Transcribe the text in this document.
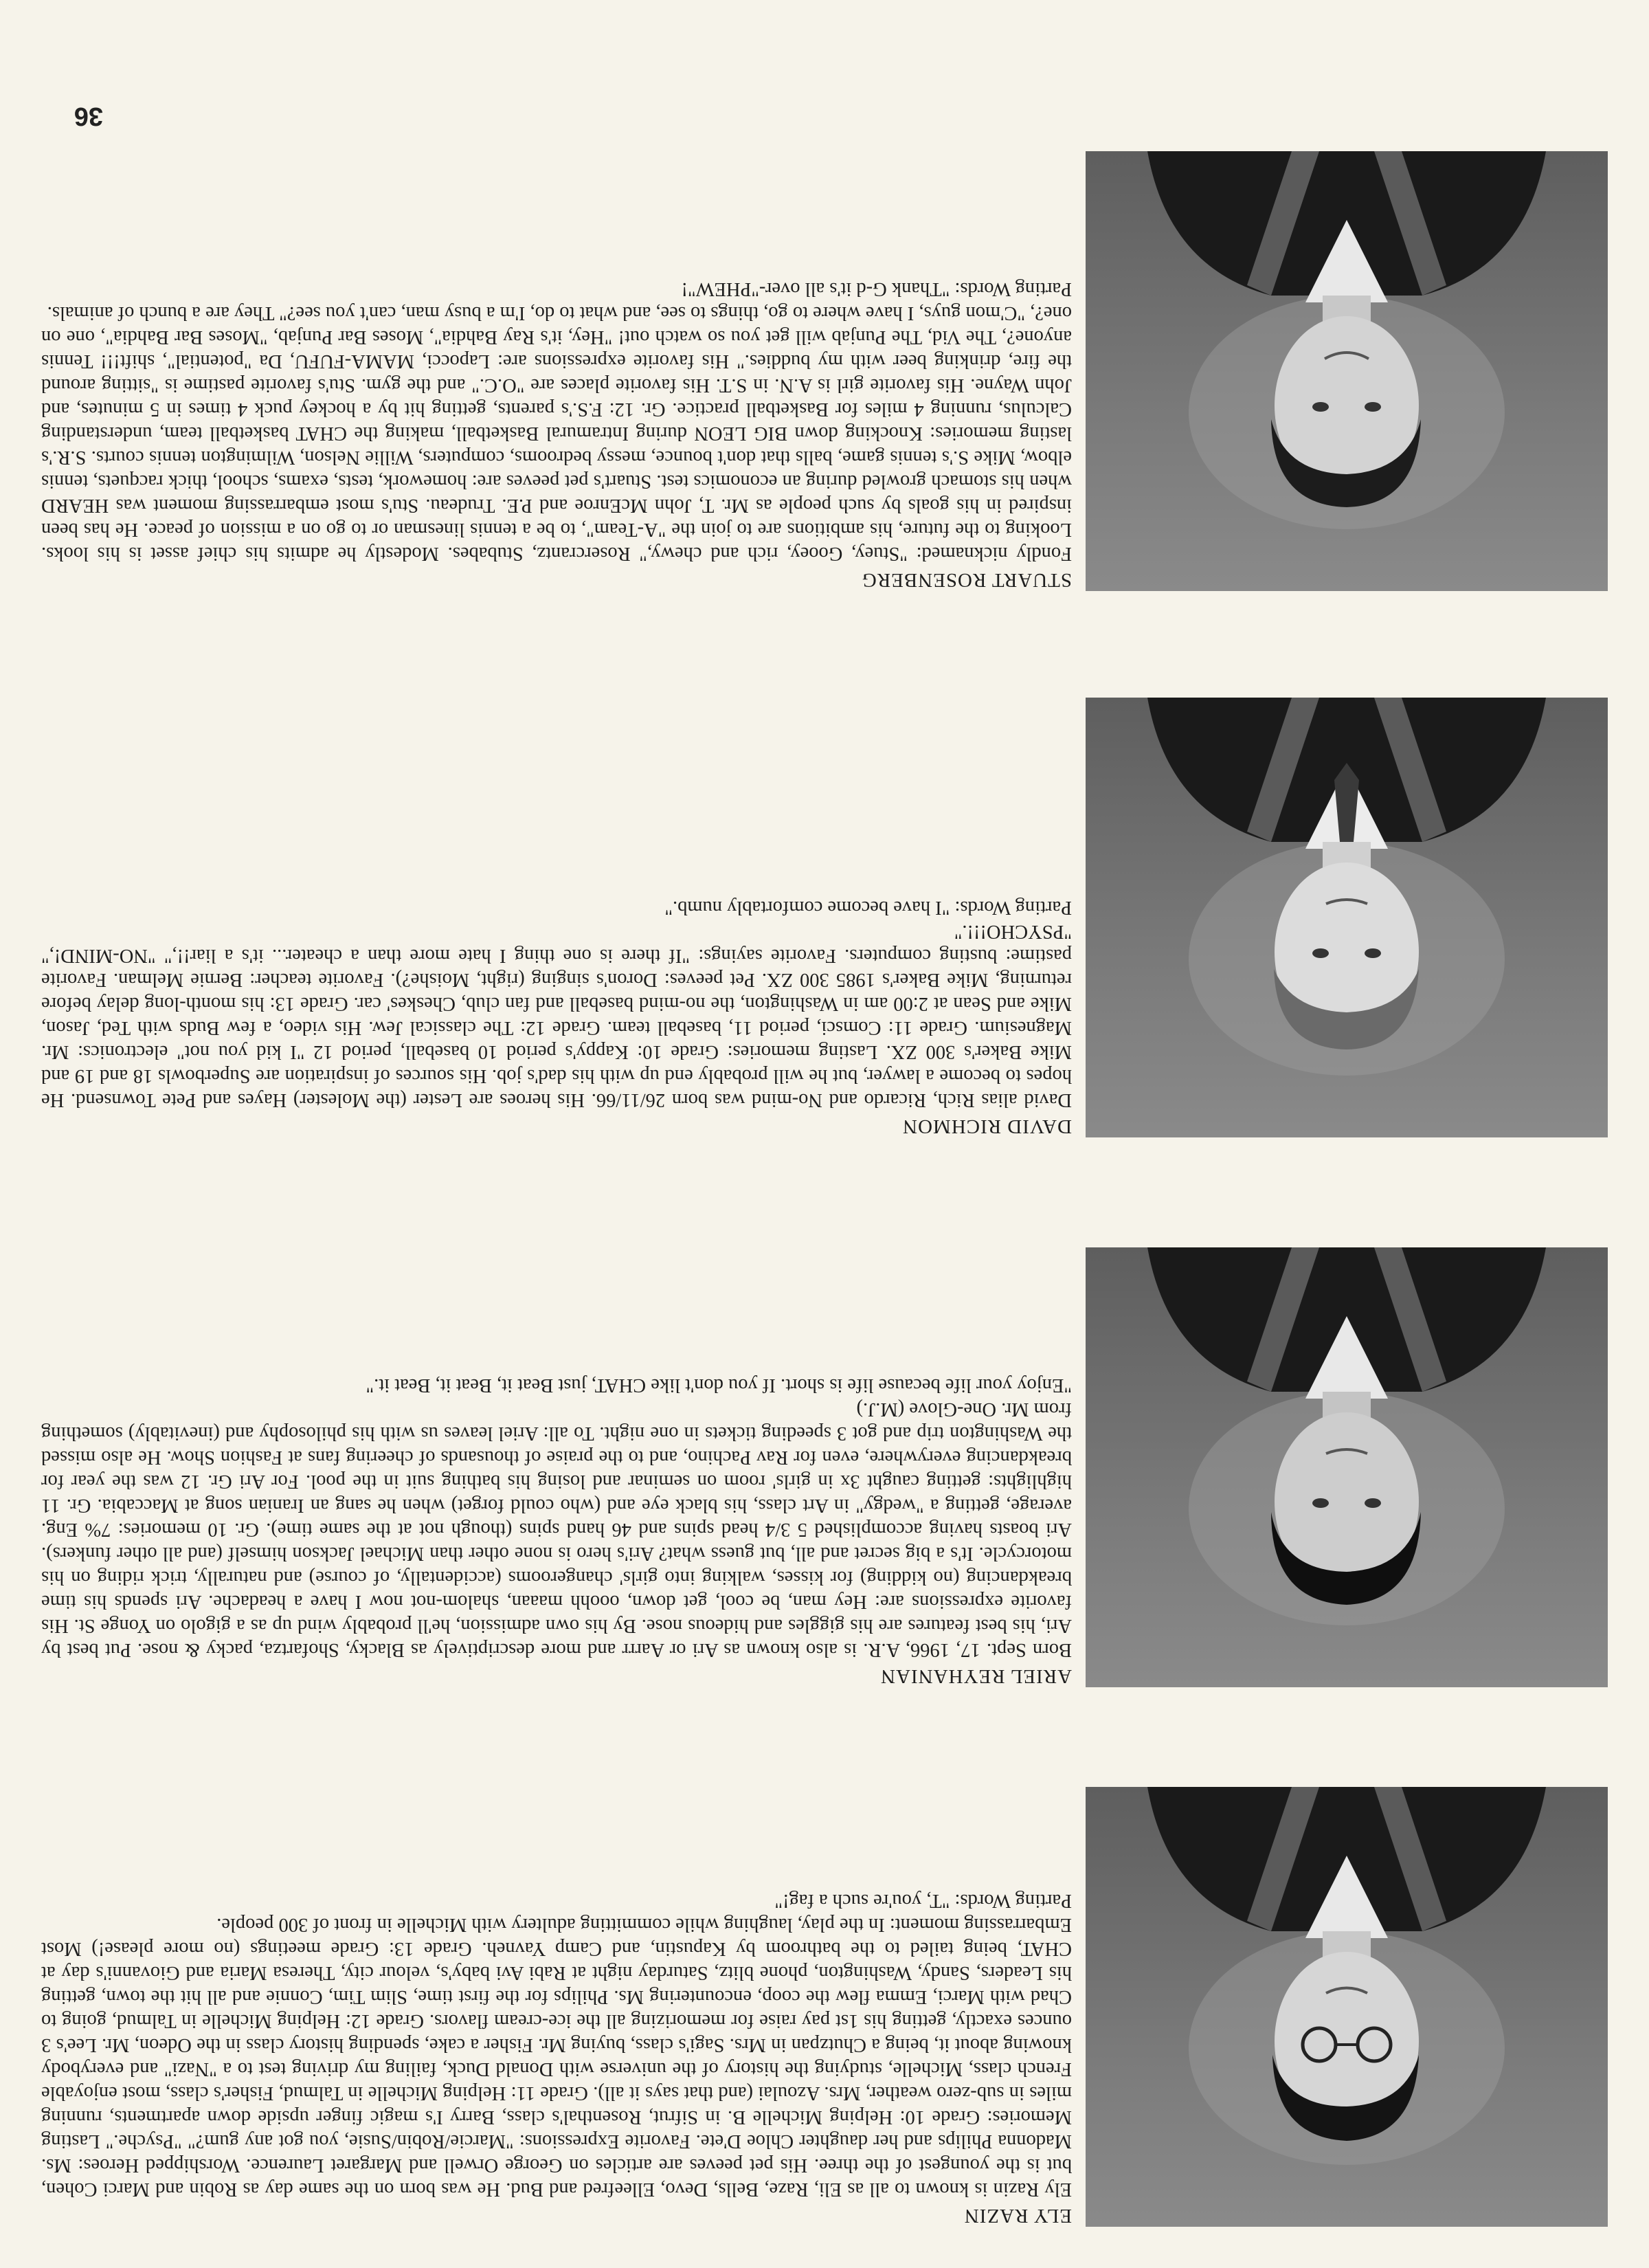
36
ELY RAZIN

Ely Razin is known to all as Eli, Raze, Bells, Devo, Elleefred and Bud. He was born on the same day as Robin and Marci Cohen, but is the youngest of the three. His pet peeves are articles on George Orwell and Margaret Laurence. Worshipped Heroes: Ms. Madonna Philips and her daughter Chloe D'ete. Favorite Expressions: "Marcie/Robin/Susie, you got any gum?" "Psyche." Lasting Memories: Grade 10: Helping Michelle B. in Sifrut, Rosenthal's class, Barry I's magic finger upside down apartments, running miles in sub-zero weather, Mrs. Azoulai (and that says it all). Grade 11: Helping Michelle in Talmud, Fisher's class, most enjoyable French class, Michelle, studying the history of the universe with Donald Duck, failing my driving test to a "Nazi" and everybody knowing about it, being a Chutzpan in Mrs. Sagi's class, buying Mr. Fisher a cake, spending history class in the Odeon, Mr. Lee's 3 ounces exactly, getting his 1st pay raise for memorizing all the ice-cream flavors. Grade 12: Helping Michelle in Talmud, going to Chad with Marci, Emma flew the coop, encountering Ms. Philips for the first time, Slim Tim, Connie and all hit the town, getting his Leaders, Sandy, Washington, phone blitz, Saturday night at Rabi Avi baby's, velour city, Theresa Maria and Giovanni's day at CHAT, being tailed to the bathroom by Kapustin, and Camp Yavneh. Grade 13: Grade meetings (no more please!) Most Embarrassing moment: In the play, laughing while committing adultery with Michelle in front of 300 people.

Parting Words: "T, you're such a fag!"

ARIEL REYHANIAN

Born Sept. 17, 1966, A.R. is also known as Ari or Aarrr and more descriptively as Blacky, Shofartza, packy & nose. Put best by Ari, his best features are his giggles and hideous nose. By his own admission, he'll probably wind up as a gigolo on Yonge St. His favorite expressions are: Hey man, be cool, get down, ooohh maaan, shalom-not now I have a headache. Ari spends his time breakdancing (no kidding) for kisses, walking into girls' changerooms (accidentally, of course) and naturally, trick riding on his motorcycle. It's a big secret and all, but guess what? Ari's hero is none other than Michael Jackson himself (and all other funkers). Ari boasts having accomplished 5 3/4 head spins and 46 hand spins (though not at the same time). Gr. 10 memories: 7% Eng. average, getting a "wedgy" in Art class, his black eye and (who could forget) when he sang an Iranian song at Maccabia. Gr. 11 highlights: getting caught 3x in girls' room on seminar and losing his bathing suit in the pool. For Ari Gr. 12 was the year for breakdancing everywhere, even for Rav Pachino, and to the praise of thousands of cheering fans at Fashion Show. He also missed the Washington trip and got 3 speeding tickets in one night. To all: Ariel leaves us with his philosophy and (inevitably) something from Mr. One-Glove (M.J.)

"Enjoy your life because life is short. If you don't like CHAT, just Beat it, Beat it, Beat it."

DAVID RICHMON

David alias Rich, Ricardo and No-mind was born 26/11/66. His heroes are Lester (the Molester) Hayes and Pete Townsend. He hopes to become a lawyer, but he will probably end up with his dad's job. His sources of inspiration are Superbowls 18 and 19 and Mike Baker's 300 ZX. Lasting memories: Grade 10: Kappy's period 10 baseball, period 12 "I kid you not" electronics: Mr. Magnesium. Grade 11: Comsci, period 11, baseball team. Grade 12: The classical Jew. His video, a few Buds with Ted, Jason, Mike and Sean at 2:00 am in Washington, the no-mind baseball and fan club, Cheskes' car. Grade 13: his month-long delay before returning, Mike Baker's 1985 300 ZX. Pet peeves: Doron's singing (right, Moishe?). Favorite teacher: Bernie Melman. Favorite pastime: busting computers. Favorite sayings: "If there is one thing I hate more than a cheater... it's a liar!!," "NO-MIND!," "PSYCHO!!!."

Parting Words: "I have become comfortably numb."

STUART ROSENBERG

Fondly nicknamed: "Stuey, Gooey, rich and chewy," Rosercrantz, Stubabes. Modestly he admits his chief asset is his looks. Looking to the future, his ambitions are to join the "A-Team", to be a tennis linesman or to go on a mission of peace. He has been inspired in his goals by such people as Mr. T, John McEnroe and P.E. Trudeau. Stu's most embarrassing moment was HEARD when his stomach growled during an economics test. Stuart's pet peeves are: homework, tests, exams, school, thick racquets, tennis elbow, Mike S.'s tennis game, balls that don't bounce, messy bedrooms, computers, Willie Nelson, Wilmington tennis courts. S.R.'s lasting memories: Knocking down BIG LEON during Intramural Basketball, making the CHAT basketball team, understanding Calculus, running 4 miles for Basketball practice. Gr. 12: F.S.'s parents, getting hit by a hockey puck 4 times in 5 minutes, and John Wayne. His favorite girl is A.N. in S.T. His favorite places are "O.C." and the gym. Stu's favorite pastime is "sitting around the fire, drinking beer with my buddies." His favorite expressions are: Lapocci, MAMA-FUFU, Da "potential", shift!!! Tennis anyone?, The Vid, The Punjab will get you so watch out! "Hey, it's Ray Bahdia", Moses Bar Punjab, "Moses Bar Bahdia", one on one?, "C'mon guys, I have where to go, things to see, and what to do, I'm a busy man, can't you see?" They are a bunch of animals.

Parting Words: "Thank G-d it's all over-"PHEW"!
